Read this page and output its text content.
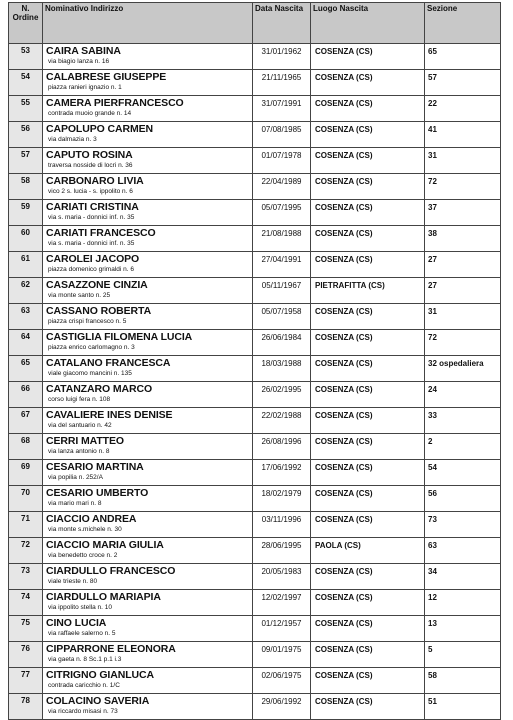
N. Ordine	Nominativo Indirizzo	Data Nascita	Luogo Nascita	Sezione
53	CAIRA SABINA
via biagio lanza n. 16	31/01/1962	COSENZA (CS)	65
54	CALABRESE GIUSEPPE
piazza ranieri ignazio n. 1	21/11/1965	COSENZA (CS)	57
55	CAMERA PIERFRANCESCO
contrada muoio grande n. 14	31/07/1991	COSENZA (CS)	22
56	CAPOLUPO CARMEN
via dalmazia n. 3	07/08/1985	COSENZA (CS)	41
57	CAPUTO ROSINA
traversa nosside di locri n. 36	01/07/1978	COSENZA (CS)	31
58	CARBONARO LIVIA
vico 2 s. lucia - s. ippolito n. 6	22/04/1989	COSENZA (CS)	72
59	CARIATI CRISTINA
via s. maria - donnici inf. n. 35	05/07/1995	COSENZA (CS)	37
60	CARIATI FRANCESCO
via s. maria - donnici inf. n. 35	21/08/1988	COSENZA (CS)	38
61	CAROLEI JACOPO
piazza domenico grimaldi n. 6	27/04/1991	COSENZA (CS)	27
62	CASAZZONE CINZIA
via monte santo n. 25	05/11/1967	PIETRAFITTA (CS)	27
63	CASSANO ROBERTA
piazza crispi francesco n. 5	05/07/1958	COSENZA (CS)	31
64	CASTIGLIA FILOMENA LUCIA
piazza enrico carlomagno n. 3	26/06/1984	COSENZA (CS)	72
65	CATALANO FRANCESCA
viale giacomo mancini n. 135	18/03/1988	COSENZA (CS)	32 ospedaliera
66	CATANZARO MARCO
corso luigi fera n. 108	26/02/1995	COSENZA (CS)	24
67	CAVALIERE INES DENISE
via del santuario n. 42	22/02/1988	COSENZA (CS)	33
68	CERRI MATTEO
via lanza antonio n. 8	26/08/1996	COSENZA (CS)	2
69	CESARIO MARTINA
via popilia n. 252/A	17/06/1992	COSENZA (CS)	54
70	CESARIO UMBERTO
via mario mari n. 8	18/02/1979	COSENZA (CS)	56
71	CIACCIO ANDREA
via monte s.michele n. 30	03/11/1996	COSENZA (CS)	73
72	CIACCIO MARIA GIULIA
via benedetto croce n. 2	28/06/1995	PAOLA (CS)	63
73	CIARDULLO FRANCESCO
viale trieste n. 80	20/05/1983	COSENZA (CS)	34
74	CIARDULLO MARIAPIA
via ippolito stella n. 10	12/02/1997	COSENZA (CS)	12
75	CINO LUCIA
via raffaele salerno n. 5	01/12/1957	COSENZA (CS)	13
76	CIPPARRONE ELEONORA
via gaeta n. 8 Sc.1 p.1 i.3	09/01/1975	COSENZA (CS)	5
77	CITRIGNO GIANLUCA
contrada caricchio n. 1/C	02/06/1975	COSENZA (CS)	58
78	COLACINO SAVERIA
via riccardo misasi n. 73	29/06/1992	COSENZA (CS)	51
